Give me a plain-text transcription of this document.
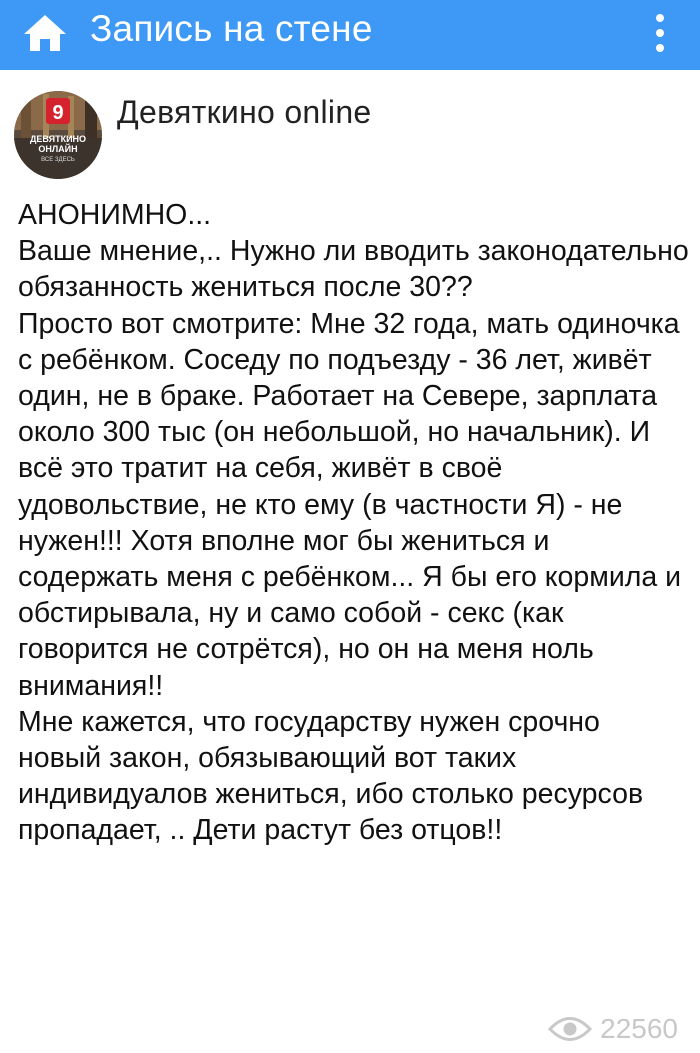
Запись на стене
9
ДЕВЯТКИНО
ОНЛАЙН
ВСЕ ЗДЕСЬ
Девяткино online

АНОНИМНО...
Ваше мнение,.. Нужно ли вводить законодательно обязанность жениться после 30??

Просто вот смотрите: Мне 32 года, мать одиночка с ребёнком. Соседу по подъезду - 36 лет, живёт один, не в браке. Работает на Севере, зарплата около 300 тыс (он небольшой, но начальник). И всё это тратит на себя, живёт в своё удовольствие, не кто ему (в частности Я) - не нужен!!! Хотя вполне мог бы жениться и содержать меня с ребёнком... Я бы его кормила и обстирывала, ну и само собой - секс (как говорится не сотрётся), но он на меня ноль внимания!!

Мне кажется, что государству нужен срочно новый закон, обязывающий вот таких индивидуалов жениться, ибо столько ресурсов пропадает, .. Дети растут без отцов!!

22560
